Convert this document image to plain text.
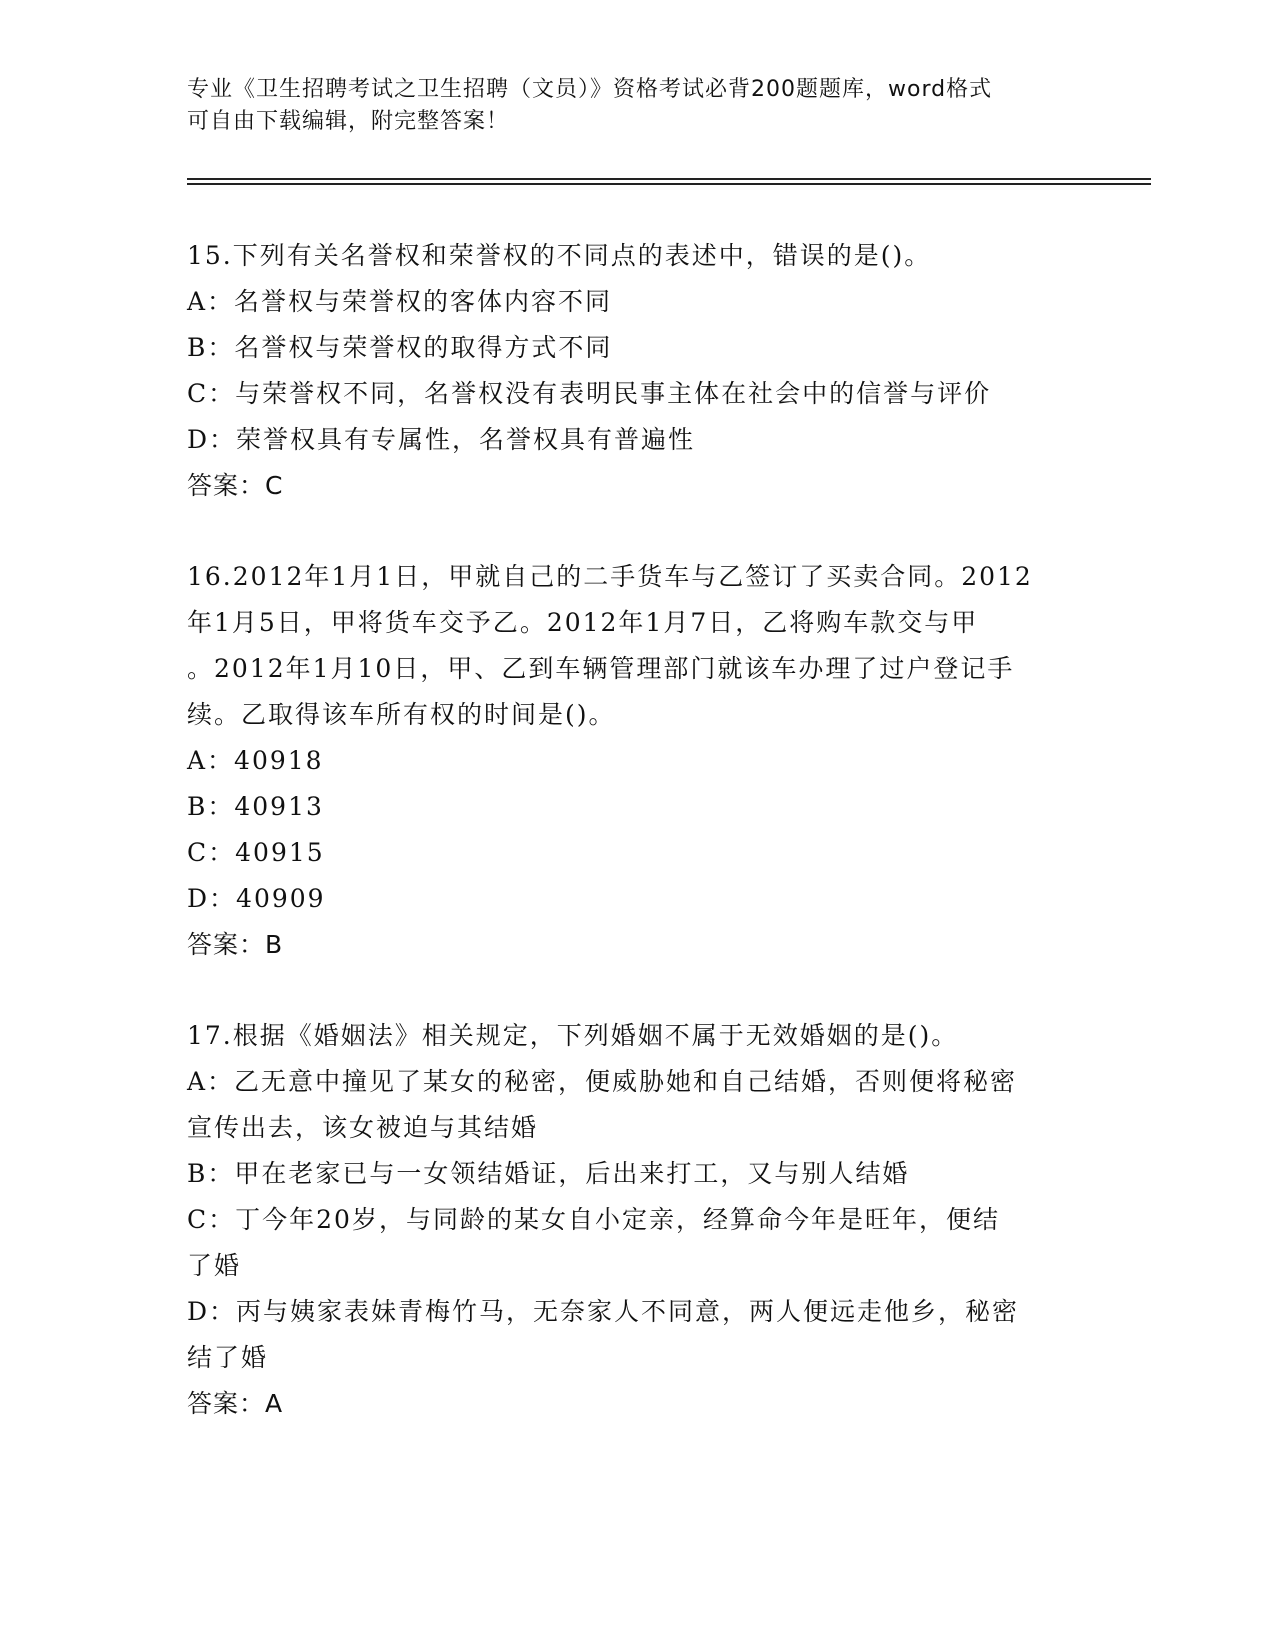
专业《卫生招聘考试之卫生招聘（文员）》资格考试必背200题题库，word格式
可自由下载编辑，附完整答案！
15.下列有关名誉权和荣誉权的不同点的表述中，错误的是()。
A：名誉权与荣誉权的客体内容不同
B：名誉权与荣誉权的取得方式不同
C：与荣誉权不同，名誉权没有表明民事主体在社会中的信誉与评价
D：荣誉权具有专属性，名誉权具有普遍性
答案：C
16.2012年1月1日，甲就自己的二手货车与乙签订了买卖合同。2012
年1月5日，甲将货车交予乙。2012年1月7日，乙将购车款交与甲
。2012年1月10日，甲、乙到车辆管理部门就该车办理了过户登记手
续。乙取得该车所有权的时间是()。
A：40918
B：40913
C：40915
D：40909
答案：B
17.根据《婚姻法》相关规定，下列婚姻不属于无效婚姻的是()。
A：乙无意中撞见了某女的秘密，便威胁她和自己结婚，否则便将秘密
宣传出去，该女被迫与其结婚
B：甲在老家已与一女领结婚证，后出来打工，又与别人结婚
C：丁今年20岁，与同龄的某女自小定亲，经算命今年是旺年，便结
了婚
D：丙与姨家表妹青梅竹马，无奈家人不同意，两人便远走他乡，秘密
结了婚
答案：A
